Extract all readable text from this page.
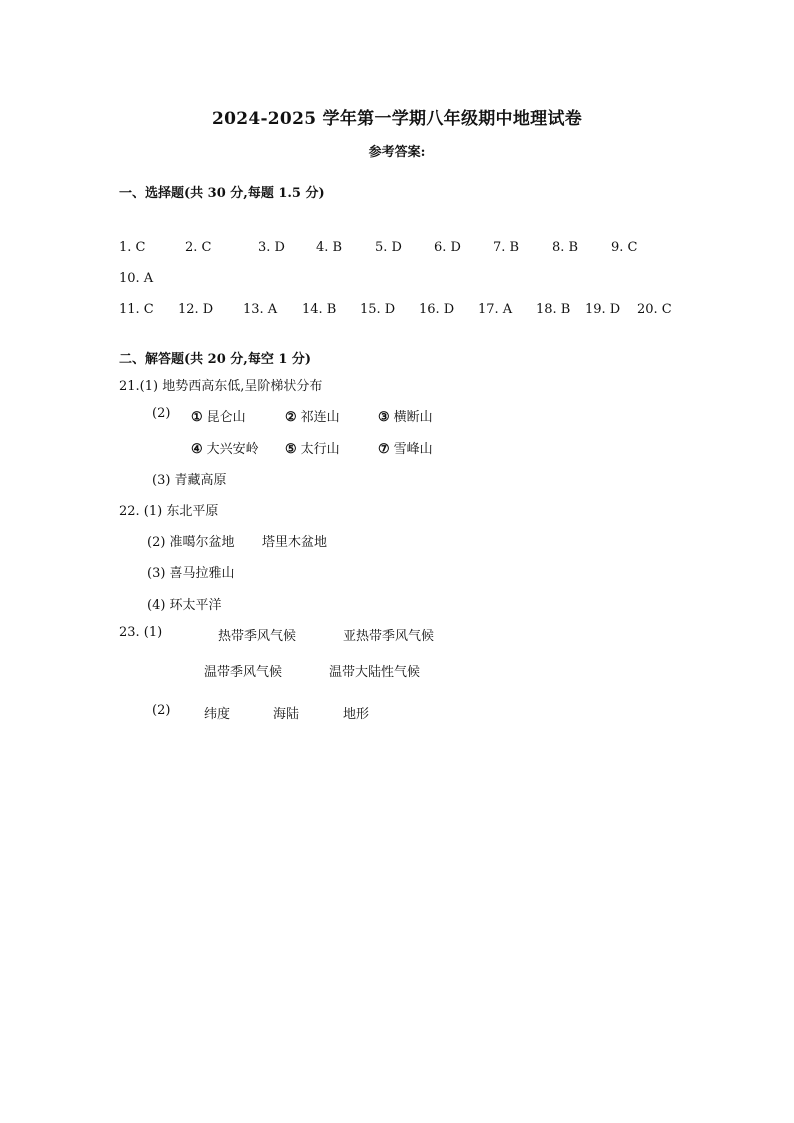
2024-2025 学年第一学期八年级期中地理试卷
参考答案:
一、选择题(共 30 分,每题 1.5 分)
1. C	2. C	3. D 4. B	5. D 6. D 7. B	8. B	9. C
10. A
11. C 12. D 13. A 14. B 15. D 16. D 17. A 18. B 19. D 20. C
二、解答题(共 20 分,每空 1 分)
21.(1) 地势西高东低,呈阶梯状分布
(2) ① 昆仑山	② 祁连山	③ 横断山
④ 大兴安岭 ⑤ 太行山	⑦ 雪峰山
(3) 青藏高原
22. (1) 东北平原
(2) 准噶尔盆地 塔里木盆地
(3) 喜马拉雅山
(4) 环太平洋
23. (1)	热带季风气候	亚热带季风气候
温带季风气候	温带大陆性气候
(2)	纬度	海陆	地形
